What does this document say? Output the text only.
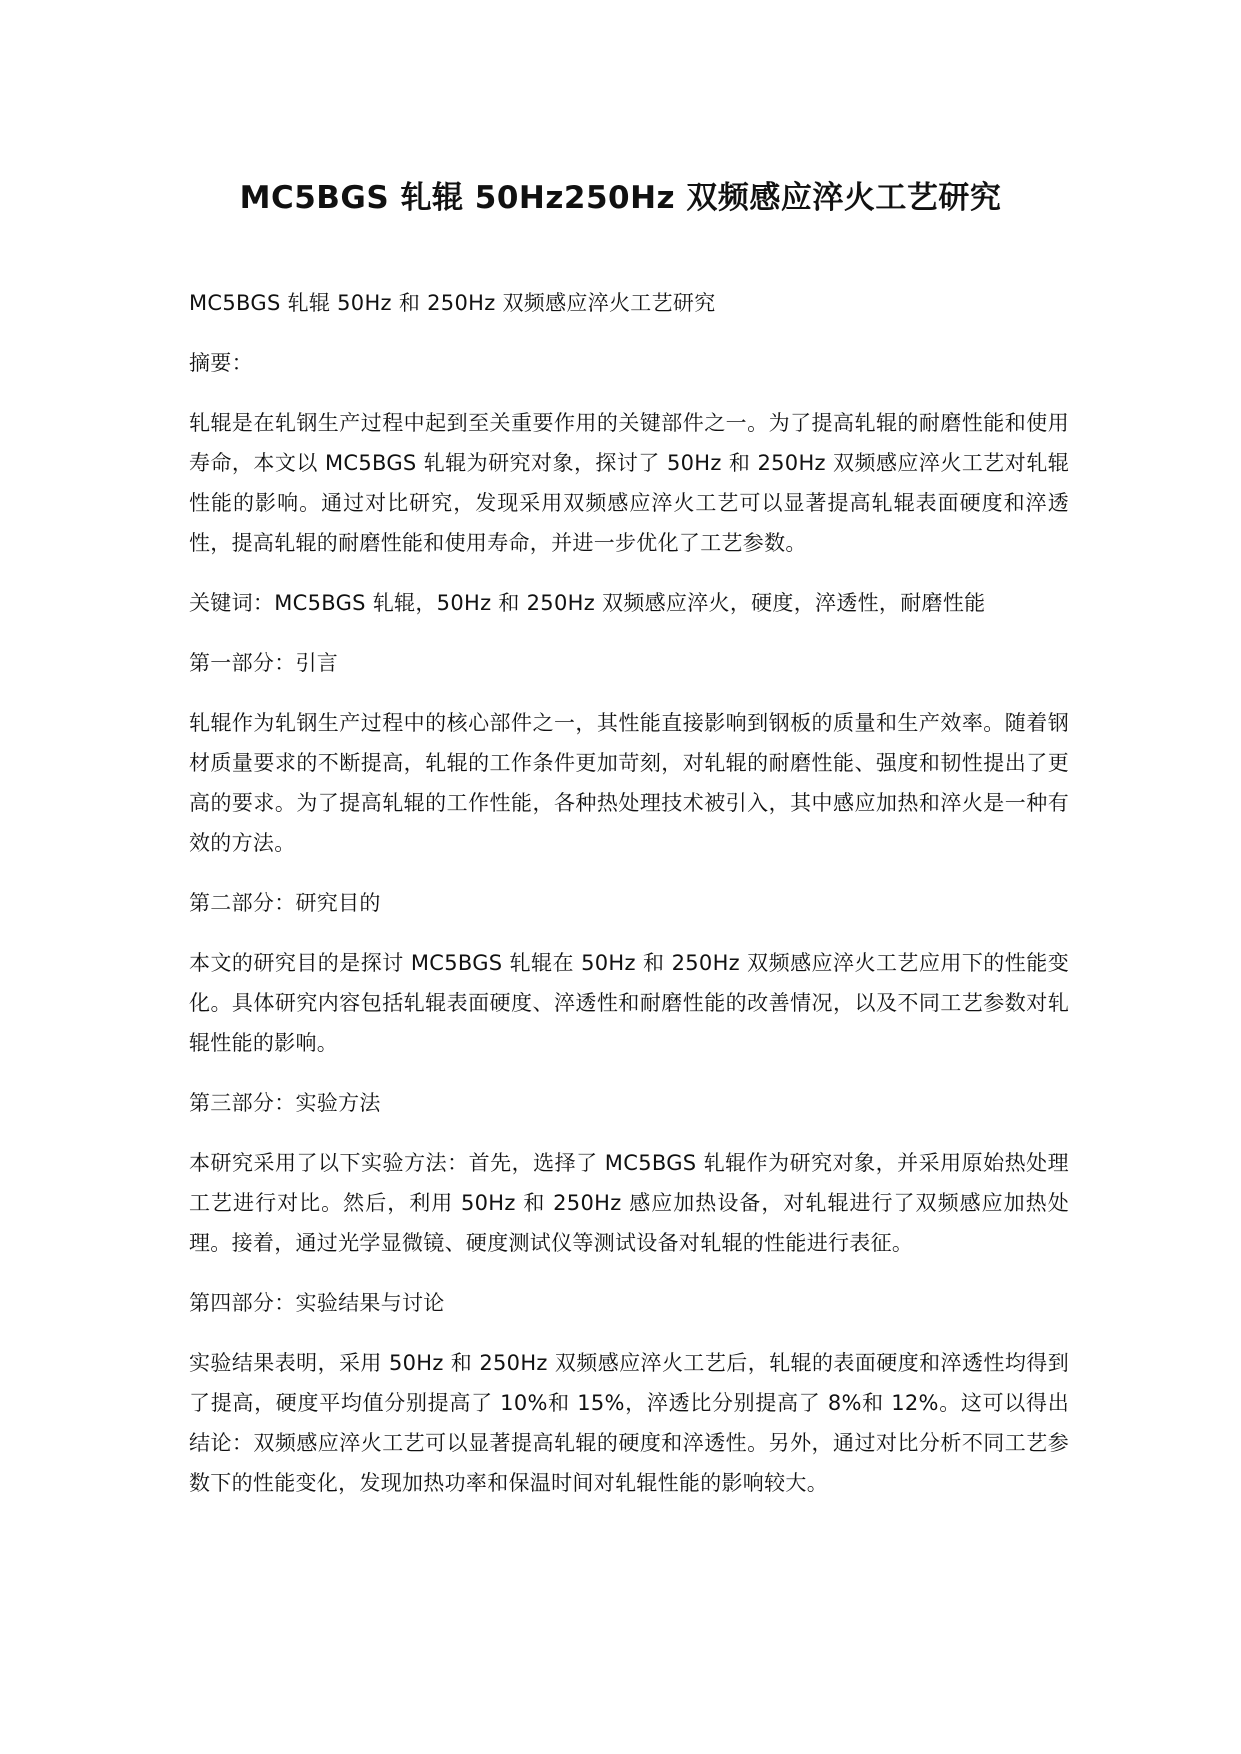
MC5BGS 轧辊 50Hz250Hz 双频感应淬火工艺研究

MC5BGS 轧辊 50Hz 和 250Hz 双频感应淬火工艺研究

摘要：

轧辊是在轧钢生产过程中起到至关重要作用的关键部件之一。为了提高轧辊的耐磨性能和使用寿命，本文以 MC5BGS 轧辊为研究对象，探讨了 50Hz 和 250Hz 双频感应淬火工艺对轧辊性能的影响。通过对比研究，发现采用双频感应淬火工艺可以显著提高轧辊表面硬度和淬透性，提高轧辊的耐磨性能和使用寿命，并进一步优化了工艺参数。

关键词：MC5BGS 轧辊，50Hz 和 250Hz 双频感应淬火，硬度，淬透性，耐磨性能

第一部分：引言

轧辊作为轧钢生产过程中的核心部件之一，其性能直接影响到钢板的质量和生产效率。随着钢材质量要求的不断提高，轧辊的工作条件更加苛刻，对轧辊的耐磨性能、强度和韧性提出了更高的要求。为了提高轧辊的工作性能，各种热处理技术被引入，其中感应加热和淬火是一种有效的方法。

第二部分：研究目的

本文的研究目的是探讨 MC5BGS 轧辊在 50Hz 和 250Hz 双频感应淬火工艺应用下的性能变化。具体研究内容包括轧辊表面硬度、淬透性和耐磨性能的改善情况，以及不同工艺参数对轧辊性能的影响。

第三部分：实验方法

本研究采用了以下实验方法：首先，选择了 MC5BGS 轧辊作为研究对象，并采用原始热处理工艺进行对比。然后，利用 50Hz 和 250Hz 感应加热设备，对轧辊进行了双频感应加热处理。接着，通过光学显微镜、硬度测试仪等测试设备对轧辊的性能进行表征。

第四部分：实验结果与讨论

实验结果表明，采用 50Hz 和 250Hz 双频感应淬火工艺后，轧辊的表面硬度和淬透性均得到了提高，硬度平均值分别提高了 10%和 15%，淬透比分别提高了 8%和 12%。这可以得出结论：双频感应淬火工艺可以显著提高轧辊的硬度和淬透性。另外，通过对比分析不同工艺参数下的性能变化，发现加热功率和保温时间对轧辊性能的影响较大。
